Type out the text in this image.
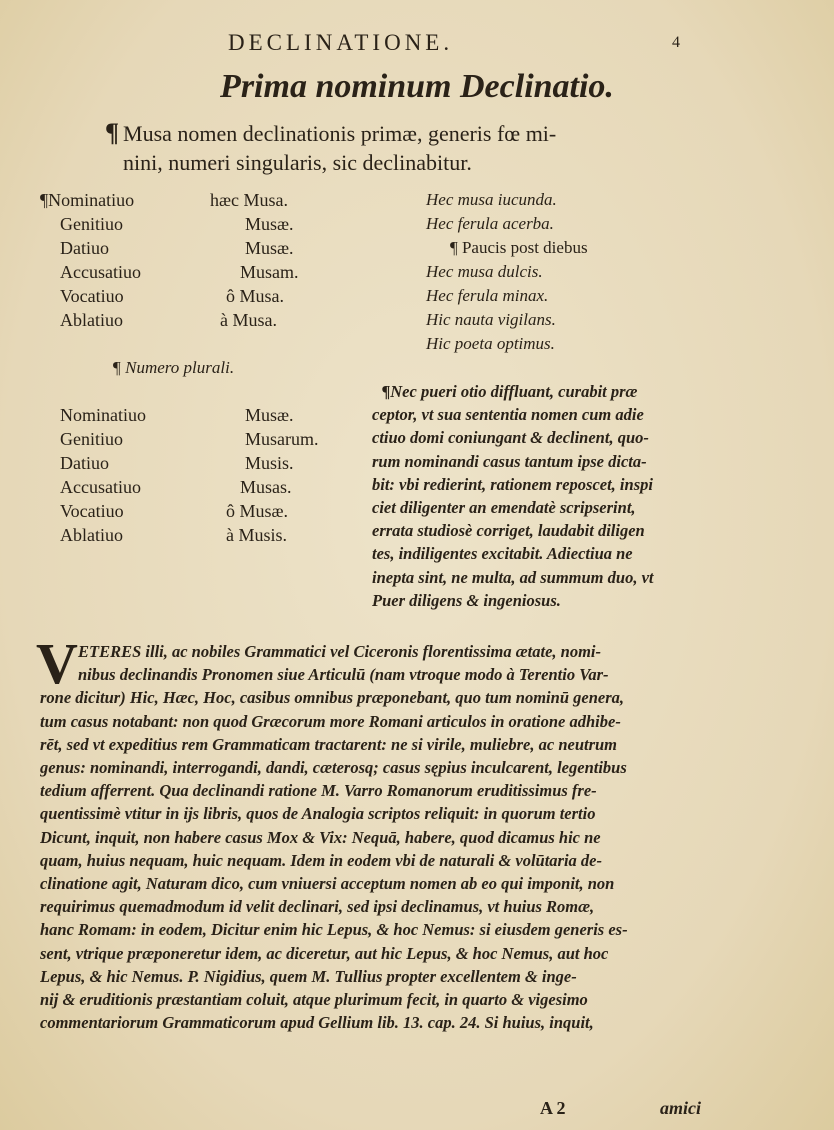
DECLINATIONE.	4
Prima nominum Declinatio.
¶ Musa nomen declinationis primæ, generis fœ mi-
nini, numeri singularis, sic declinabitur.
¶Nominatiuo	hæc Musa.
Genitiuo	Musæ.
Datiuo	Musæ.
Accusatiuo	Musam.
Vocatiuo	ô Musa.
Ablatiuo	à Musa.
¶ Numero plurali.
Nominatiuo	Musæ.
Genitiuo	Musarum.
Datiuo	Musis.
Accusatiuo	Musas.
Vocatiuo	ô Musæ.
Ablatiuo	à Musis.
Hec musa iucunda.
Hec ferula acerba.
¶ Paucis post diebus
Hec musa dulcis.
Hec ferula minax.
Hic nauta vigilans.
Hic poeta optimus.
¶Nec pueri otio diffluant, curabit præ
ceptor, vt sua sententia nomen cum adie
ctiuo domi coniungant & declinent, quo-
rum nominandi casus tantum ipse dicta-
bit: vbi redierint, rationem reposcet, inspi
ciet diligenter an emendatè scripserint,
errata studiosè corriget, laudabit diligen
tes, indiligentes excitabit. Adiectiua ne
inepta sint, ne multa, ad summum duo, vt
Puer diligens & ingeniosus.
V ETERES illi, ac nobiles Grammatici vel Ciceronis florentissima ætate, nomi-
nibus declinandis Pronomen siue Articulū (nam vtroque modo à Terentio Var-
rone dicitur) Hic, Hæc, Hoc, casibus omnibus præponebant, quo tum nominū genera,
tum casus notabant: non quod Græcorum more Romani articulos in oratione adhibe-
rēt, sed vt expeditius rem Grammaticam tractarent: ne si virile, muliebre, ac neutrum
genus: nominandi, interrogandi, dandi, cæterosq; casus sępius inculcarent, legentibus
tedium afferrent. Qua declinandi ratione M. Varro Romanorum eruditissimus fre-
quentissimè vtitur in ijs libris, quos de Analogia scriptos reliquit: in quorum tertio
Dicunt, inquit, non habere casus Mox & Vix: Nequā, habere, quod dicamus hic ne
quam, huius nequam, huic nequam. Idem in eodem vbi de naturali & volūtaria de-
clinatione agit, Naturam dico, cum vniuersi acceptum nomen ab eo qui imponit, non
requirimus quemadmodum id velit declinari, sed ipsi declinamus, vt huius Romæ,
hanc Romam: in eodem, Dicitur enim hic Lepus, & hoc Nemus: si eiusdem generis es-
sent, vtrique præponeretur idem, ac diceretur, aut hic Lepus, & hoc Nemus, aut hoc
Lepus, & hic Nemus. P. Nigidius, quem M. Tullius propter excellentem & inge-
nij & eruditionis præstantiam coluit, atque plurimum fecit, in quarto & vigesimo
commentariorum Grammaticorum apud Gellium lib. 13. cap. 24. Si huius, inquit,
A 2	amici
